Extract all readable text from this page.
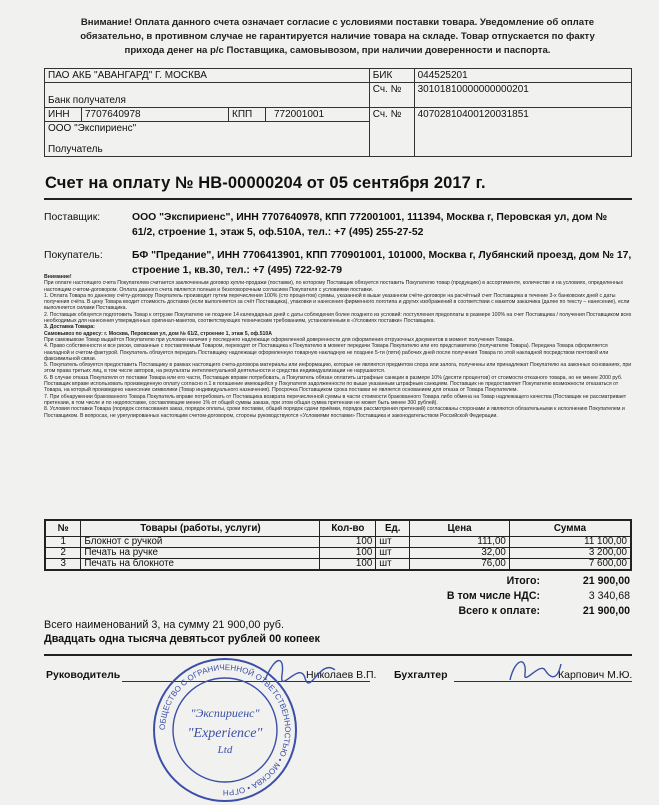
Внимание! Оплата данного счета означает согласие с условиями поставки товара. Уведомление об оплате
обязательно, в противном случае не гарантируется наличие товара на складе. Товар отпускается по факту
прихода денег на р/с Поставщика, самовывозом, при наличии доверенности и паспорта.
ПАО АКБ "АВАНГАРД" Г. МОСКВА	БИК	044525201

Банк получателя	Сч. №	30101810000000000201

ИНН 7707640978 КПП 772001001	Сч. №	40702810400120031851
ООО "Экспириенс"
Получатель		
Счет на оплату № НВ-00000204 от 05 сентября 2017 г.
Поставщик:	ООО "Экспириенс", ИНН 7707640978, КПП 772001001, 111394, Москва г, Перовская ул, дом № 61/2, строение 1, этаж 5, оф.510А, тел.: +7 (495) 255-27-52
Покупатель:	БФ "Предание", ИНН 7706413901, КПП 770901001, 101000, Москва г, Лубянский проезд, дом № 17, строение 1, кв.30, тел.: +7 (495) 722-92-79

Внимание!

При оплате настоящего счета Покупателем считается заключенным договор купли-продажи (поставки), по которому Поставщик обязуется поставить Покупателю товар (продукцию) в ассортименте, количестве и на условиях, определенных настоящим счетом-договором. Оплата данного счета является полным и безоговорочным согласием Покупателя с условиями поставки.

1. Оплата Товара по данному счёту-договору Покупатель производит путем перечисления 100% (сто процентов) суммы, указанной в выше указанном счёте-договоре на расчётный счет Поставщика в течение 3-х банковских дней с даты получения счёта. В цену Товара входит стоимость доставки (если выполняется за счёт Поставщика), упаковки и нанесения фирменного логотипа и других изображений в соответствии с макетом заказчика (далее по тексту – нанесение), если выполняется силами Поставщика.

2. Поставщик обязуется подготовить Товар к отгрузке Покупателю не позднее 14 календарных дней с даты соблюдения более позднего из условий: поступления предоплаты в размере 100% на счет Поставщика / получения Поставщиком всех необходимых для нанесения утвержденных оригинал-макетов, соответствующих техническим требованиям, установленным в «Условиях поставки» Поставщика.

3. Доставка Товара:

Самовывоз по адресу: г. Москва, Перовская ул, дом № 61/2, строение 1, этаж 5, оф.510А

При самовывозе Товар выдаётся Покупателю при условии наличия у последнего надлежаще оформленной доверенности для оформления отгрузочных документов в момент получения Товара.

4. Право собственности и все риски, связанные с поставляемым Товаром, переходят от Поставщика к Покупателю в момент передачи Товара Покупателю или его представителю (получателю Товара). Передача Товара оформляется накладной и счетом-фактурой. Покупатель обязуется передать Поставщику надлежаще оформленную товарную накладную не позднее 5-ти (пяти) рабочих дней после получения Товара по этой накладной посредством почтовой или факсимильной связи.

5. Покупатель обязуется предоставить Поставщику в рамках настоящего счета-договора материалы или информацию, которые не являются предметом спора или залога, полученны или принадлежат Покупателю на законных основаниях, при этом права третьих лиц, в том числе авторов, на результаты интеллектуальной деятельности и средства индивидуализации не нарушаются.

6. В случае отказа Покупателя от поставки Товара или его части, Поставщик вправе потребовать, а Покупатель обязан оплатить штрафные санкции в размере 10% (десяти процентов) от стоимости отказного товара, но не менее 2000 руб. Поставщик вправе использовать произведенную оплату согласно п.1 в погашение имеющейся у Покупателя задолженности по выше указанным штрафным санкциям. Поставщик не предоставляет Покупателю возможности отказаться от Товара, на который произведено нанесение символики (Товар индивидуального назначения). Просрочка Поставщиком срока поставки не является основанием для отказа от Товара Покупателем.

7. При обнаружении бракованного Товара Покупатель вправе потребовать от Поставщика возврата перечисленной суммы в части стоимости бракованного Товара либо обмена на Товар надлежащего качества (Поставщик не рассматривает претензии, в том числе и по недопоставке, составляющие менее 1% от общей суммы заказа, при этом общая сумма претензии не может быть менее 300 рублей).

8. Условия поставки Товара (порядок согласования заказ, порядок оплаты, сроки поставки, общий порядок сдачи приёмки, порядок рассмотрения претензий) согласованы сторонами и являются обязательными к исполнению Покупателем и Поставщиком. В вопросах, не урегулированных настоящим счетом-договором, стороны руководствуются «Условиями поставки» Поставщика и законодательством Российской Федерации.

№	Товары (работы, услуги)	Кол-во	Ед.	Цена	Сумма
1	Блокнот с ручкой	100	шт	111,00	11 100,00
2	Печать на ручке	100	шт	32,00	3 200,00
3	Печать на блокноте	100	шт	76,00	7 600,00
Итого:	21 900,00
В том числе НДС:	3 340,68
Всего к оплате:	21 900,00
Всего наименований 3, на сумму 21 900,00 руб.
Двадцать одна тысяча девятьсот рублей 00 копеек
Руководитель	Николаев В.П. Бухгалтер	Карпович М.Ю.
ОБЩЕСТВО С ОГРАНИЧЕННОЙ ОТВЕТСТВЕННОСТЬЮ • МОСКВА • ОГРН
"Экспириенс"
"Experience"
Ltd
